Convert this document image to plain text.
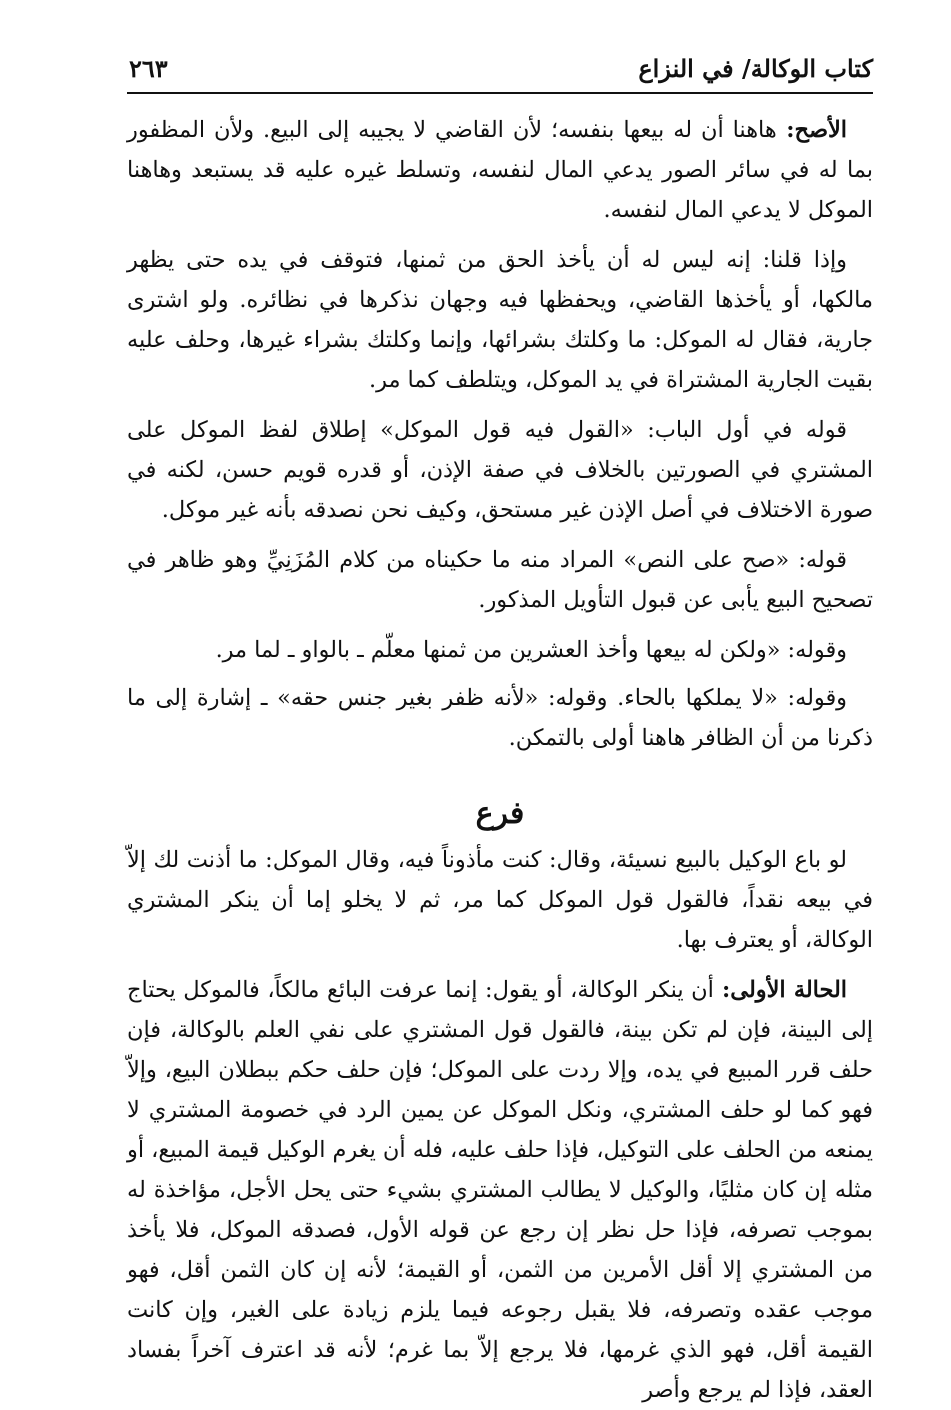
كتاب الوكالة/ في النزاع
٢٦٣

الأصح: هاهنا أن له بيعها بنفسه؛ لأن القاضي لا يجيبه إلى البيع. ولأن المظفور بما له في سائر الصور يدعي المال لنفسه، وتسلط غيره عليه قد يستبعد وهاهنا الموكل لا يدعي المال لنفسه.

وإذا قلنا: إنه ليس له أن يأخذ الحق من ثمنها، فتوقف في يده حتى يظهر مالكها، أو يأخذها القاضي، ويحفظها فيه وجهان نذكرها في نظائره. ولو اشترى جارية، فقال له الموكل: ما وكلتك بشرائها، وإنما وكلتك بشراء غيرها، وحلف عليه بقيت الجارية المشتراة في يد الموكل، ويتلطف كما مر.

قوله في أول الباب: «القول فيه قول الموكل» إطلاق لفظ الموكل على المشتري في الصورتين بالخلاف في صفة الإذن، أو قدره قويم حسن، لكنه في صورة الاختلاف في أصل الإذن غير مستحق، وكيف نحن نصدقه بأنه غير موكل.

قوله: «صح على النص» المراد منه ما حكيناه من كلام المُزَنِيِّ وهو ظاهر في تصحيح البيع يأبى عن قبول التأويل المذكور.

وقوله: «ولكن له بيعها وأخذ العشرين من ثمنها معلّم ـ بالواو ـ لما مر.

وقوله: «لا يملكها بالحاء. وقوله: «لأنه ظفر بغير جنس حقه» ـ إشارة إلى ما ذكرنا من أن الظافر هاهنا أولى بالتمكن.

فرع

لو باع الوكيل بالبيع نسيئة، وقال: كنت مأذوناً فيه، وقال الموكل: ما أذنت لك إلاّ في بيعه نقداً، فالقول قول الموكل كما مر، ثم لا يخلو إما أن ينكر المشتري الوكالة، أو يعترف بها.

الحالة الأولى: أن ينكر الوكالة، أو يقول: إنما عرفت البائع مالكاً، فالموكل يحتاج إلى البينة، فإن لم تكن بينة، فالقول قول المشتري على نفي العلم بالوكالة، فإن حلف قرر المبيع في يده، وإلا ردت على الموكل؛ فإن حلف حكم ببطلان البيع، وإلاّ فهو كما لو حلف المشتري، ونكل الموكل عن يمين الرد في خصومة المشتري لا يمنعه من الحلف على التوكيل، فإذا حلف عليه، فله أن يغرم الوكيل قيمة المبيع، أو مثله إن كان مثليًا، والوكيل لا يطالب المشتري بشيء حتى يحل الأجل، مؤاخذة له بموجب تصرفه، فإذا حل نظر إن رجع عن قوله الأول، فصدقه الموكل، فلا يأخذ من المشتري إلا أقل الأمرين من الثمن، أو القيمة؛ لأنه إن كان الثمن أقل، فهو موجب عقده وتصرفه، فلا يقبل رجوعه فيما يلزم زيادة على الغير، وإن كانت القيمة أقل، فهو الذي غرمها، فلا يرجع إلاّ بما غرم؛ لأنه قد اعترف آخراً بفساد العقد، فإذا لم يرجع وأصر
